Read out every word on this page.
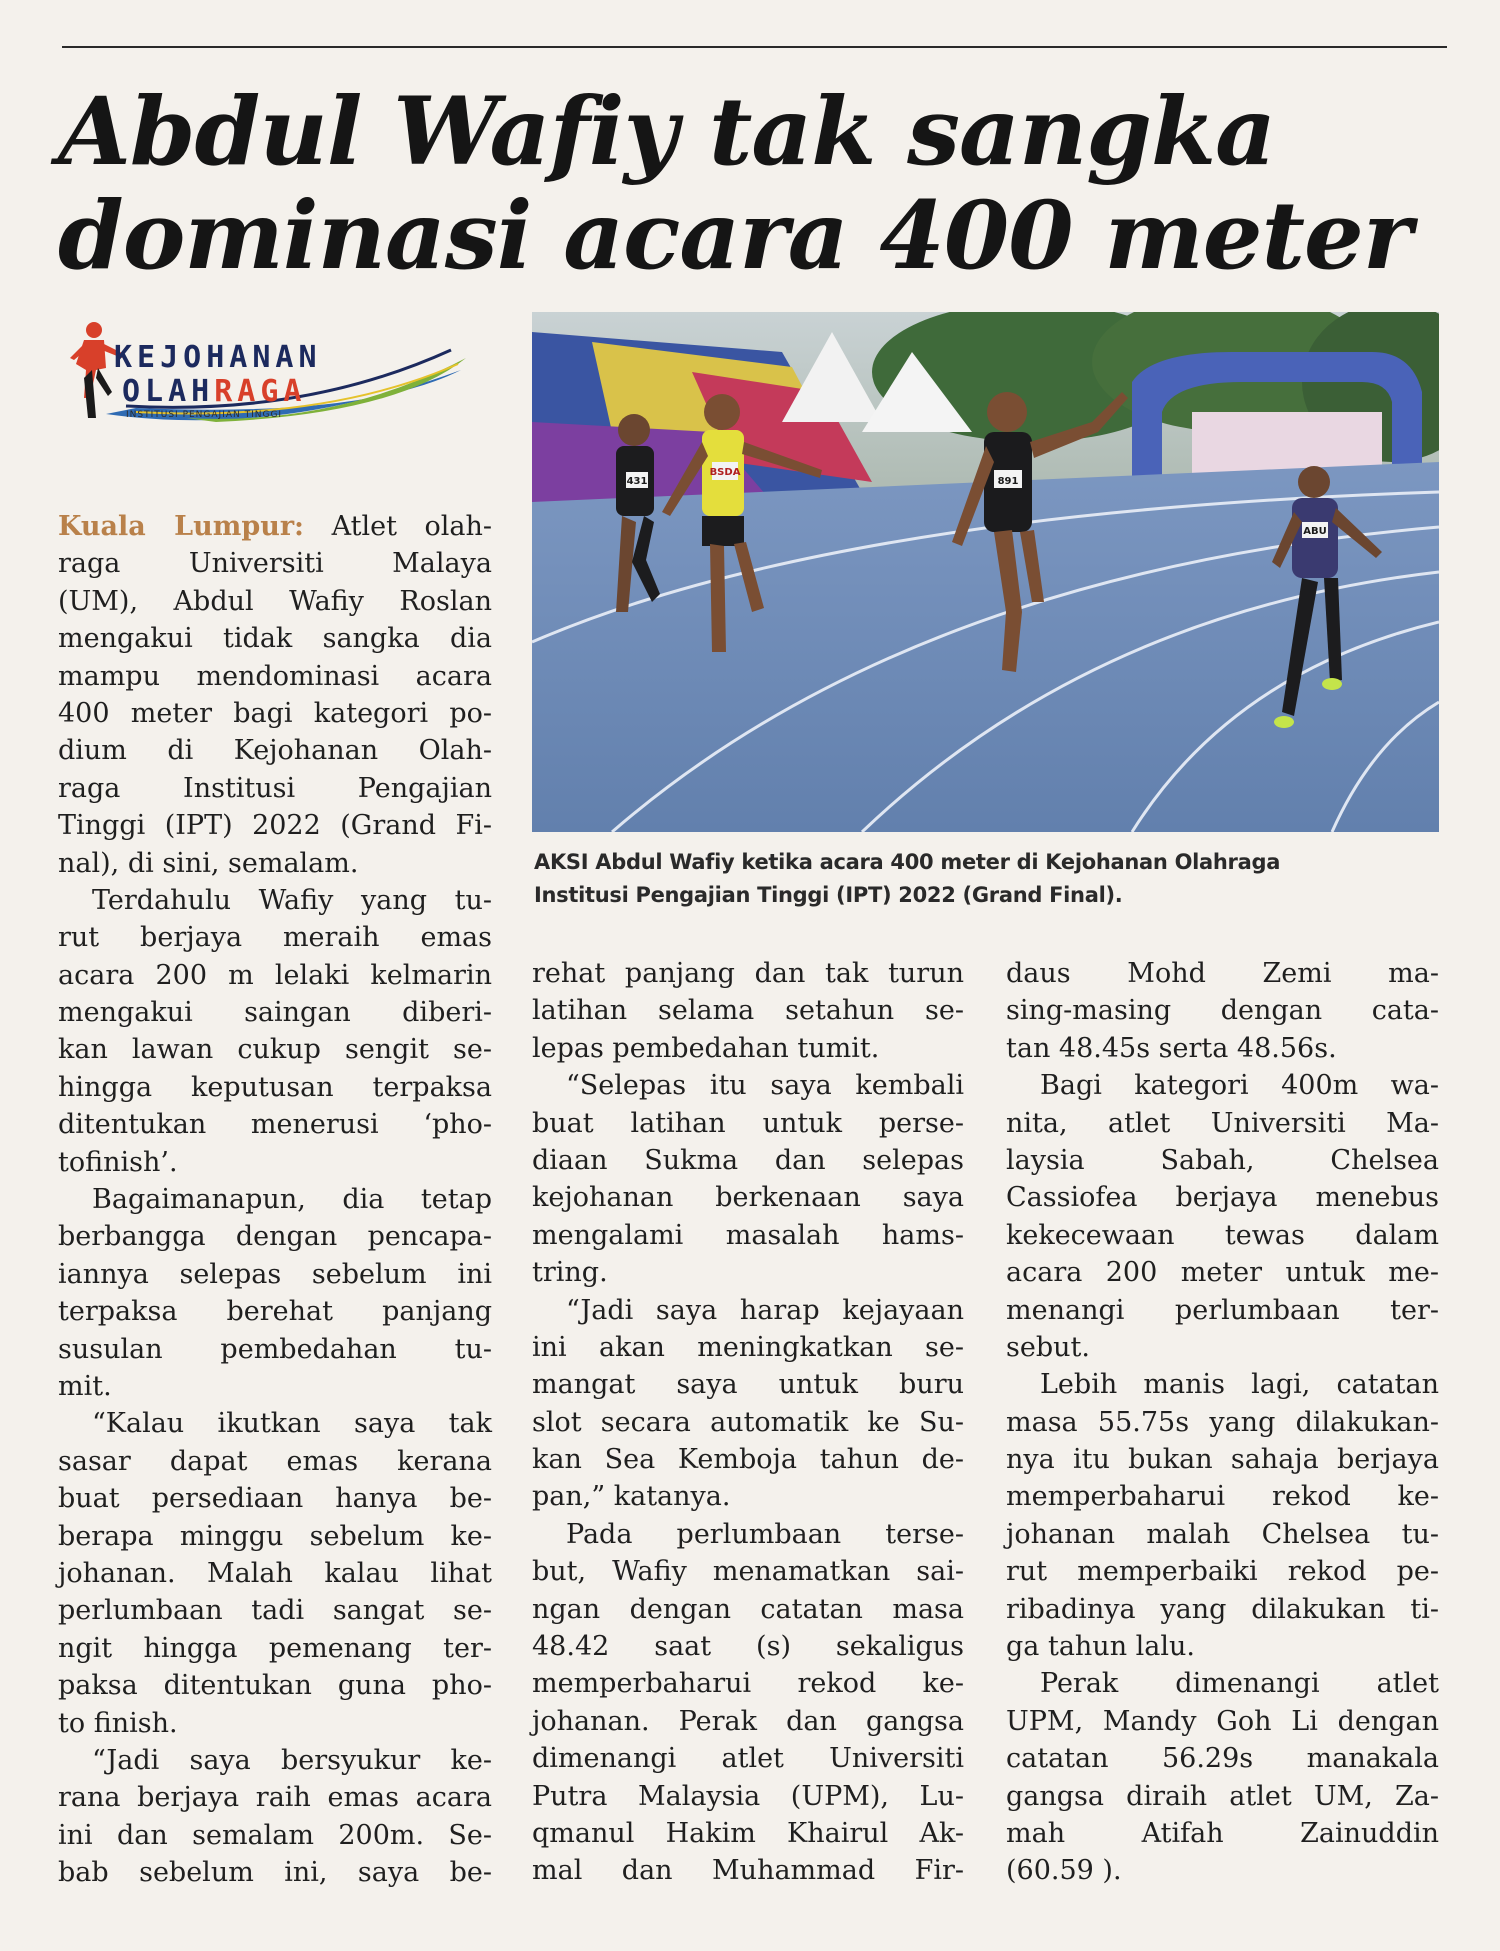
Abdul Wafiy tak sangka
dominasi acara 400 meter
KEJOHANAN
OLAHRAGA
INSTITUSI PENGAJIAN TINGGI
431
BSDA
891
ABU
AKSI Abdul Wafiy ketika acara 400 meter di Kejohanan Olahraga
Institusi Pengajian Tinggi (IPT) 2022 (Grand Final).
Kuala Lumpur: Atlet olah-
raga Universiti Malaya
(UM), Abdul Wafiy Roslan
mengakui tidak sangka dia
mampu mendominasi acara
400 meter bagi kategori po-
dium di Kejohanan Olah-
raga Institusi Pengajian
Tinggi (IPT) 2022 (Grand Fi-
nal), di sini, semalam.
Terdahulu Wafiy yang tu-
rut berjaya meraih emas
acara 200 m lelaki kelmarin
mengakui saingan diberi-
kan lawan cukup sengit se-
hingga keputusan terpaksa
ditentukan menerusi ‘pho-
tofinish’.
Bagaimanapun, dia tetap
berbangga dengan pencapa-
iannya selepas sebelum ini
terpaksa berehat panjang
susulan pembedahan tu-
mit.
“Kalau ikutkan saya tak
sasar dapat emas kerana
buat persediaan hanya be-
berapa minggu sebelum ke-
johanan. Malah kalau lihat
perlumbaan tadi sangat se-
ngit hingga pemenang ter-
paksa ditentukan guna pho-
to finish.
“Jadi saya bersyukur ke-
rana berjaya raih emas acara
ini dan semalam 200m. Se-
bab sebelum ini, saya be-
rehat panjang dan tak turun
latihan selama setahun se-
lepas pembedahan tumit.
“Selepas itu saya kembali
buat latihan untuk perse-
diaan Sukma dan selepas
kejohanan berkenaan saya
mengalami masalah hams-
tring.
“Jadi saya harap kejayaan
ini akan meningkatkan se-
mangat saya untuk buru
slot secara automatik ke Su-
kan Sea Kemboja tahun de-
pan,” katanya.
Pada perlumbaan terse-
but, Wafiy menamatkan sai-
ngan dengan catatan masa
48.42 saat (s) sekaligus
memperbaharui rekod ke-
johanan. Perak dan gangsa
dimenangi atlet Universiti
Putra Malaysia (UPM), Lu-
qmanul Hakim Khairul Ak-
mal dan Muhammad Fir-
daus Mohd Zemi ma-
sing-masing dengan cata-
tan 48.45s serta 48.56s.
Bagi kategori 400m wa-
nita, atlet Universiti Ma-
laysia Sabah, Chelsea
Cassiofea berjaya menebus
kekecewaan tewas dalam
acara 200 meter untuk me-
menangi perlumbaan ter-
sebut.
Lebih manis lagi, catatan
masa 55.75s yang dilakukan-
nya itu bukan sahaja berjaya
memperbaharui rekod ke-
johanan malah Chelsea tu-
rut memperbaiki rekod pe-
ribadinya yang dilakukan ti-
ga tahun lalu.
Perak dimenangi atlet
UPM, Mandy Goh Li dengan
catatan 56.29s manakala
gangsa diraih atlet UM, Za-
mah Atifah Zainuddin
(60.59 ).
